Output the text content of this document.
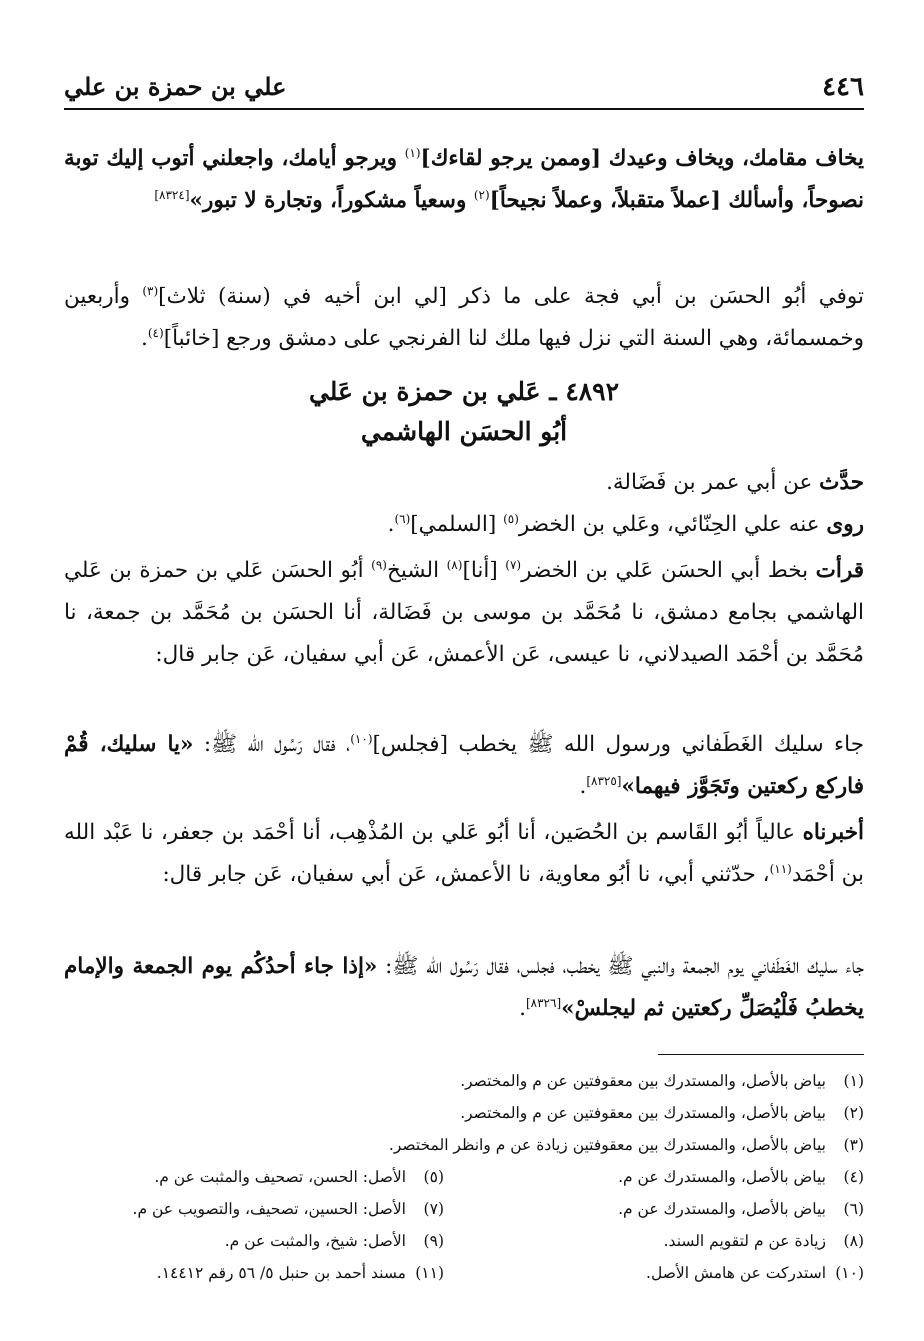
٤٤٦
علي بن حمزة بن علي

يخاف مقامك، ويخاف وعيدك [وممن يرجو لقاءك]$^{(١)}$ ويرجو أيامك، واجعلني أتوب إليك توبة نصوحاً، وأسألك [عملاً متقبلاً، وعملاً نجيحاً]$^{(٢)}$ وسعياً مشكوراً، وتجارة لا تبور»[٨٣٢٤]

توفي أبُو الحسَن بن أبي فجة على ما ذكر [لي ابن أخيه في (سنة) ثلاث]$^{(٣)}$ وأربعين وخمسمائة، وهي السنة التي نزل فيها ملك لنا الفرنجي على دمشق ورجع [خائباً]$^{(٤)}$.

٤٨٩٢ ـ عَلي بن حمزة بن عَلي
أبُو الحسَن الهاشمي

حدَّث عن أبي عمر بن فَضَالة.

روى عنه علي الحِنّائي، وعَلي بن الخضر$^{(٥)}$ [السلمي]$^{(٦)}$.

قرأت بخط أبي الحسَن عَلي بن الخضر$^{(٧)}$ [أنا]$^{(٨)}$ الشيخ$^{(٩)}$ أبُو الحسَن عَلي بن حمزة بن عَلي الهاشمي بجامع دمشق، نا مُحَمَّد بن موسى بن فَضَالة، أنا الحسَن بن مُحَمَّد بن جمعة، نا مُحَمَّد بن أحْمَد الصيدلاني، نا عيسى، عَن الأعمش، عَن أبي سفيان، عَن جابر قال:

جاء سليك الغَطَفاني ورسول الله ﷺ يخطب [فجلس]$^{(١٠)}$، فقال رَسُول الله ﷺ: «يا سليك، قُمْ فاركع ركعتين وتَجَوَّز فيهما»[٨٣٢٥].

أخبرناه عالياً أبُو القَاسم بن الحُصَين، أنا أبُو عَلي بن المُذْهِب، أنا أحْمَد بن جعفر، نا عَبْد الله بن أحْمَد$^{(١١)}$، حدّثني أبي، نا أبُو معاوية، نا الأعمش، عَن أبي سفيان، عَن جابر قال:

جاء سليك الغَطَفاني يوم الجمعة والنبي ﷺ يخطب، فجلس، فقال رَسُول الله ﷺ: «إذا جاء أحدُكُم يوم الجمعة والإمام يخطبُ فَلْيُصَلِّ ركعتين ثم ليجلسْ»[٨٣٢٦].

(١)بياض بالأصل، والمستدرك بين معقوفتين عن م والمختصر.
(٢)بياض بالأصل، والمستدرك بين معقوفتين عن م والمختصر.
(٣)بياض بالأصل، والمستدرك بين معقوفتين زيادة عن م وانظر المختصر.
(٤)بياض بالأصل، والمستدرك عن م.
(٥)الأصل: الحسن، تصحيف والمثبت عن م.
(٦)بياض بالأصل، والمستدرك عن م.
(٧)الأصل: الحسين، تصحيف، والتصويب عن م.
(٨)زيادة عن م لتقويم السند.
(٩)الأصل: شيخ، والمثبت عن م.
(١٠)استدركت عن هامش الأصل.
(١١)مسند أحمد بن حنبل ٥/ ٥٦ رقم ١٤٤١٢.
